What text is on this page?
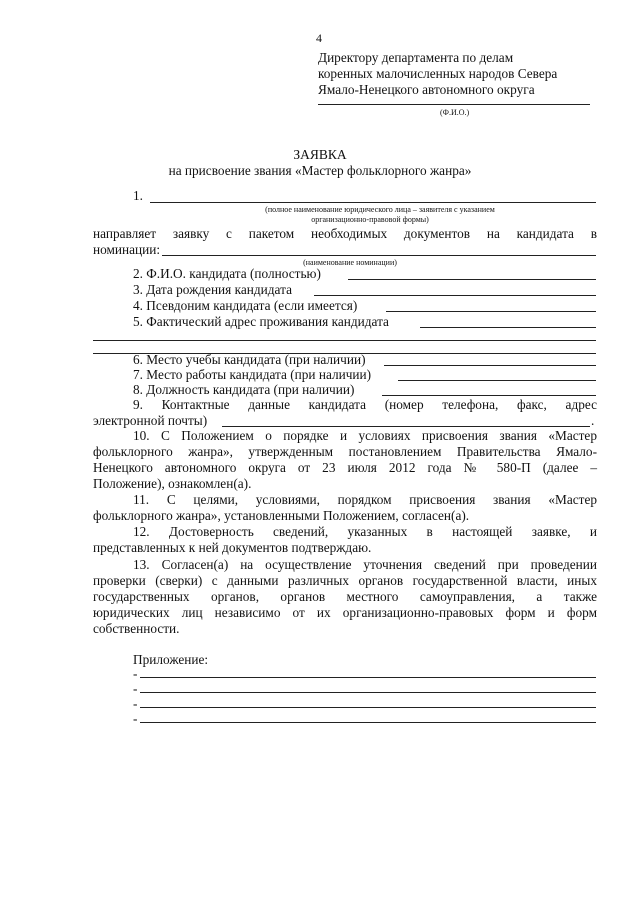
4
Директору департамента по делам
коренных малочисленных народов Севера
Ямало-Ненецкого автономного округа
(Ф.И.О.)
ЗАЯВКА
на присвоение звания «Мастер фольклорного жанра»
1.
(полное наименование юридического лица – заявителя с указанием
организационно-правовой формы)
направляет заявку с пакетом необходимых документов на кандидата в
номинации:
(наименование номинации)
2. Ф.И.О. кандидата (полностью)
3. Дата рождения кандидата
4. Псевдоним кандидата (если имеется)
5. Фактический адрес проживания кандидата
6. Место учебы кандидата (при наличии)
7. Место работы кандидата (при наличии)
8. Должность кандидата (при наличии)
9. Контактные данные кандидата (номер телефона, факс, адрес
электронной почты)	.
10. С Положением о порядке и условиях присвоения звания «Мастер
фольклорного жанра», утвержденным постановлением Правительства Ямало-
Ненецкого автономного округа от 23 июля 2012 года № 580-П (далее –
Положение), ознакомлен(а).
11. С целями, условиями, порядком присвоения звания «Мастер
фольклорного жанра», установленными Положением, согласен(а).
12. Достоверность сведений, указанных в настоящей заявке, и
представленных к ней документов подтверждаю.
13. Согласен(а) на осуществление уточнения сведений при проведении
проверки (сверки) с данными различных органов государственной власти, иных
государственных органов, органов местного самоуправления, а также
юридических лиц независимо от их организационно-правовых форм и форм
собственности.
Приложение:
-
-
-
-
